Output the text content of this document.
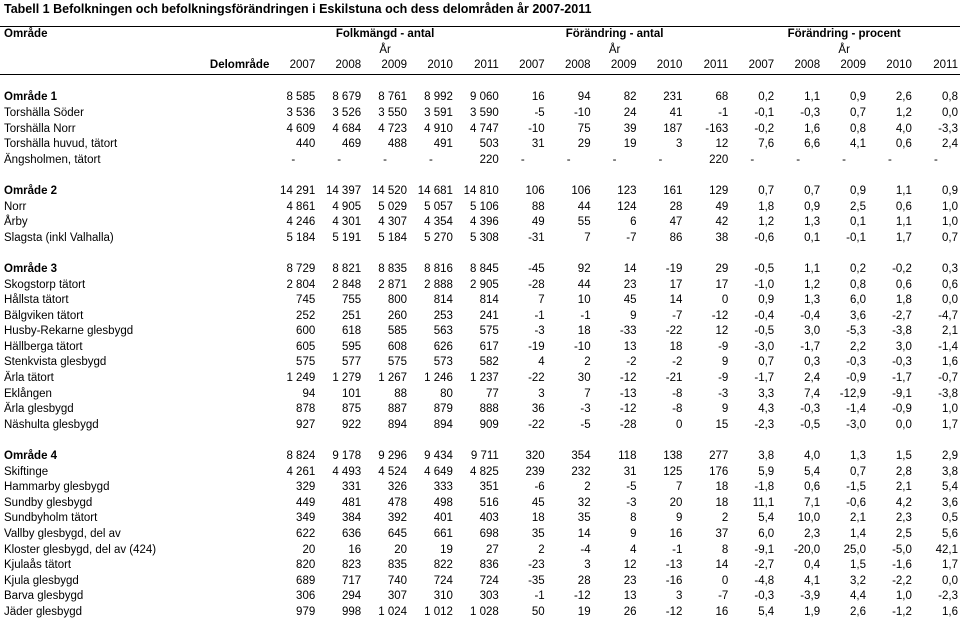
Tabell 1 Befolkningen och befolkningsförändringen i Eskilstuna och dess delområden år 2007-2011
Område	Folkmängd - antal					Förändring - antal					Förändring - procent				
	År					År					År				
Delområde	2007	2008	2009	2010	2011	2007	2008	2009	2010	2011	2007	2008	2009	2010	2011

Område 1	8 585	8 679	8 761	8 992	9 060	16	94	82	231	68	0,2	1,1	0,9	2,6	0,8
Torshälla Söder	3 536	3 526	3 550	3 591	3 590	-5	-10	24	41	-1	-0,1	-0,3	0,7	1,2	0,0
Torshälla Norr	4 609	4 684	4 723	4 910	4 747	-10	75	39	187	-163	-0,2	1,6	0,8	4,0	-3,3
Torshälla huvud, tätort	440	469	488	491	503	31	29	19	3	12	7,6	6,6	4,1	0,6	2,4
Ängsholmen, tätort	-	-	-	-	220	-	-	-	-	220	-	-	-	-	-

Område 2	14 291	14 397	14 520	14 681	14 810	106	106	123	161	129	0,7	0,7	0,9	1,1	0,9
Norr	4 861	4 905	5 029	5 057	5 106	88	44	124	28	49	1,8	0,9	2,5	0,6	1,0
Årby	4 246	4 301	4 307	4 354	4 396	49	55	6	47	42	1,2	1,3	0,1	1,1	1,0
Slagsta (inkl Valhalla)	5 184	5 191	5 184	5 270	5 308	-31	7	-7	86	38	-0,6	0,1	-0,1	1,7	0,7

Område 3	8 729	8 821	8 835	8 816	8 845	-45	92	14	-19	29	-0,5	1,1	0,2	-0,2	0,3
Skogstorp tätort	2 804	2 848	2 871	2 888	2 905	-28	44	23	17	17	-1,0	1,2	0,8	0,6	0,6
Hållsta tätort	745	755	800	814	814	7	10	45	14	0	0,9	1,3	6,0	1,8	0,0
Bälgviken tätort	252	251	260	253	241	-1	-1	9	-7	-12	-0,4	-0,4	3,6	-2,7	-4,7
Husby-Rekarne glesbygd	600	618	585	563	575	-3	18	-33	-22	12	-0,5	3,0	-5,3	-3,8	2,1
Hällberga tätort	605	595	608	626	617	-19	-10	13	18	-9	-3,0	-1,7	2,2	3,0	-1,4
Stenkvista glesbygd	575	577	575	573	582	4	2	-2	-2	9	0,7	0,3	-0,3	-0,3	1,6
Ärla tätort	1 249	1 279	1 267	1 246	1 237	-22	30	-12	-21	-9	-1,7	2,4	-0,9	-1,7	-0,7
Eklången	94	101	88	80	77	3	7	-13	-8	-3	3,3	7,4	-12,9	-9,1	-3,8
Ärla glesbygd	878	875	887	879	888	36	-3	-12	-8	9	4,3	-0,3	-1,4	-0,9	1,0
Näshulta glesbygd	927	922	894	894	909	-22	-5	-28	0	15	-2,3	-0,5	-3,0	0,0	1,7

Område 4	8 824	9 178	9 296	9 434	9 711	320	354	118	138	277	3,8	4,0	1,3	1,5	2,9
Skiftinge	4 261	4 493	4 524	4 649	4 825	239	232	31	125	176	5,9	5,4	0,7	2,8	3,8
Hammarby glesbygd	329	331	326	333	351	-6	2	-5	7	18	-1,8	0,6	-1,5	2,1	5,4
Sundby glesbygd	449	481	478	498	516	45	32	-3	20	18	11,1	7,1	-0,6	4,2	3,6
Sundbyholm tätort	349	384	392	401	403	18	35	8	9	2	5,4	10,0	2,1	2,3	0,5
Vallby glesbygd, del av	622	636	645	661	698	35	14	9	16	37	6,0	2,3	1,4	2,5	5,6
Kloster glesbygd, del av (424)	20	16	20	19	27	2	-4	4	-1	8	-9,1	-20,0	25,0	-5,0	42,1
Kjulaås tätort	820	823	835	822	836	-23	3	12	-13	14	-2,7	0,4	1,5	-1,6	1,7
Kjula glesbygd	689	717	740	724	724	-35	28	23	-16	0	-4,8	4,1	3,2	-2,2	0,0
Barva glesbygd	306	294	307	310	303	-1	-12	13	3	-7	-0,3	-3,9	4,4	1,0	-2,3
Jäder glesbygd	979	998	1 024	1 012	1 028	50	19	26	-12	16	5,4	1,9	2,6	-1,2	1,6
